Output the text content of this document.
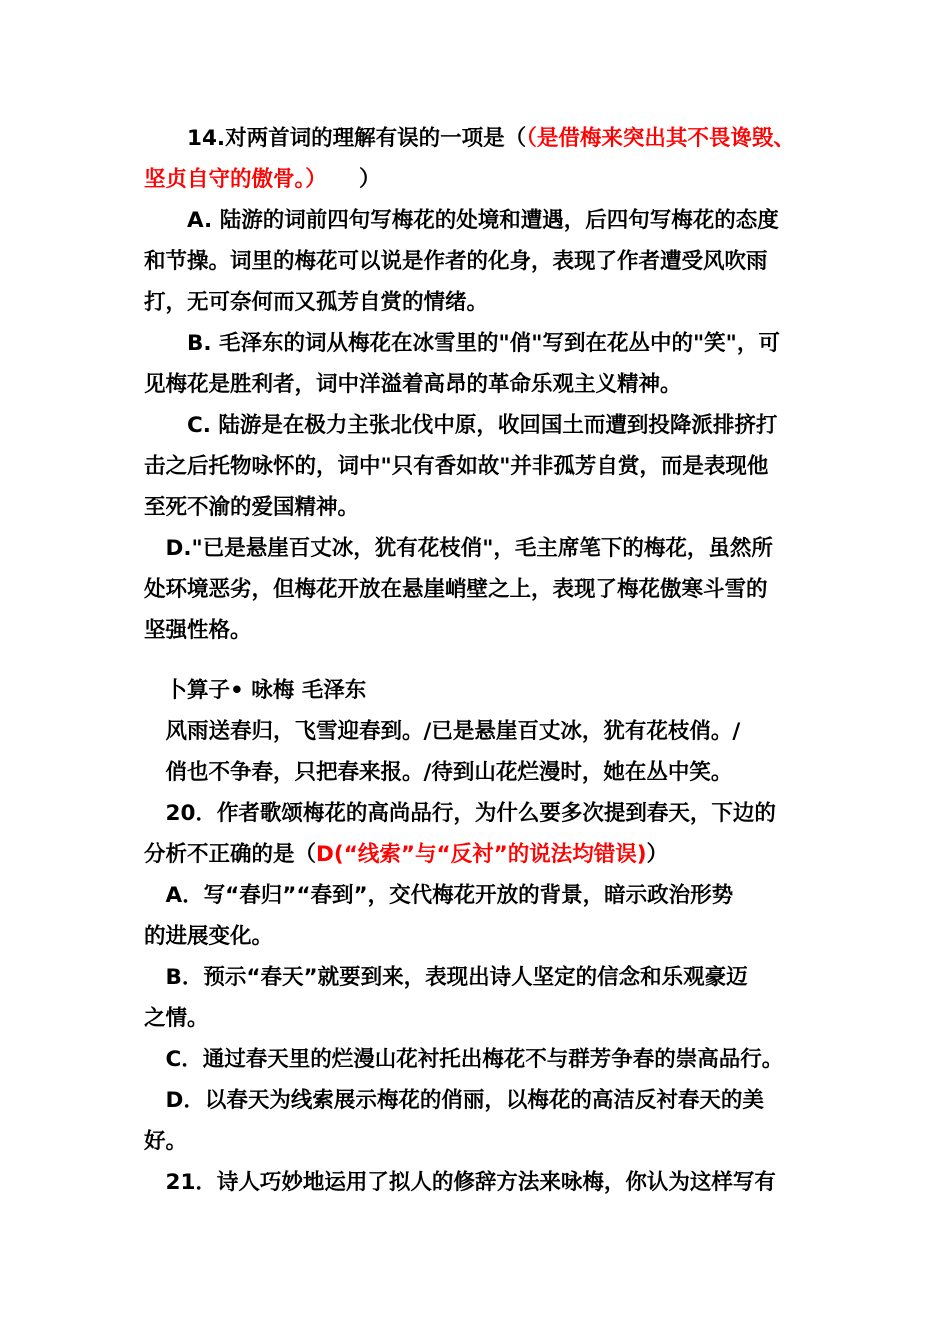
　　14.对两首词的理解有误的一项是（（是借梅来突出其不畏谗毁、

坚贞自守的傲骨。）　　）

　　A. 陆游的词前四句写梅花的处境和遭遇，后四句写梅花的态度

和节操。词里的梅花可以说是作者的化身，表现了作者遭受风吹雨

打，无可奈何而又孤芳自赏的情绪。

　　B. 毛泽东的词从梅花在冰雪里的"俏"写到在花丛中的"笑"，可

见梅花是胜利者，词中洋溢着高昂的革命乐观主义精神。

　　C. 陆游是在极力主张北伐中原，收回国土而遭到投降派排挤打

击之后托物咏怀的，词中"只有香如故"并非孤芳自赏，而是表现他

至死不渝的爱国精神。

　D."已是悬崖百丈冰，犹有花枝俏"，毛主席笔下的梅花，虽然所

处环境恶劣，但梅花开放在悬崖峭壁之上，表现了梅花傲寒斗雪的

坚强性格。

　卜算子• 咏梅 毛泽东

　风雨送春归，飞雪迎春到。/已是悬崖百丈冰，犹有花枝俏。/

　俏也不争春，只把春来报。/待到山花烂漫时，她在丛中笑。

　20．作者歌颂梅花的高尚品行，为什么要多次提到春天，下边的

分析不正确的是（D(“线索”与“反衬”的说法均错误)）

　A．写“春归”“春到”，交代梅花开放的背景，暗示政治形势

的进展变化。

　B．预示“春天”就要到来，表现出诗人坚定的信念和乐观豪迈

之情。

　C．通过春天里的烂漫山花衬托出梅花不与群芳争春的崇高品行。

　D．以春天为线索展示梅花的俏丽，以梅花的高洁反衬春天的美

好。

　21．诗人巧妙地运用了拟人的修辞方法来咏梅，你认为这样写有
